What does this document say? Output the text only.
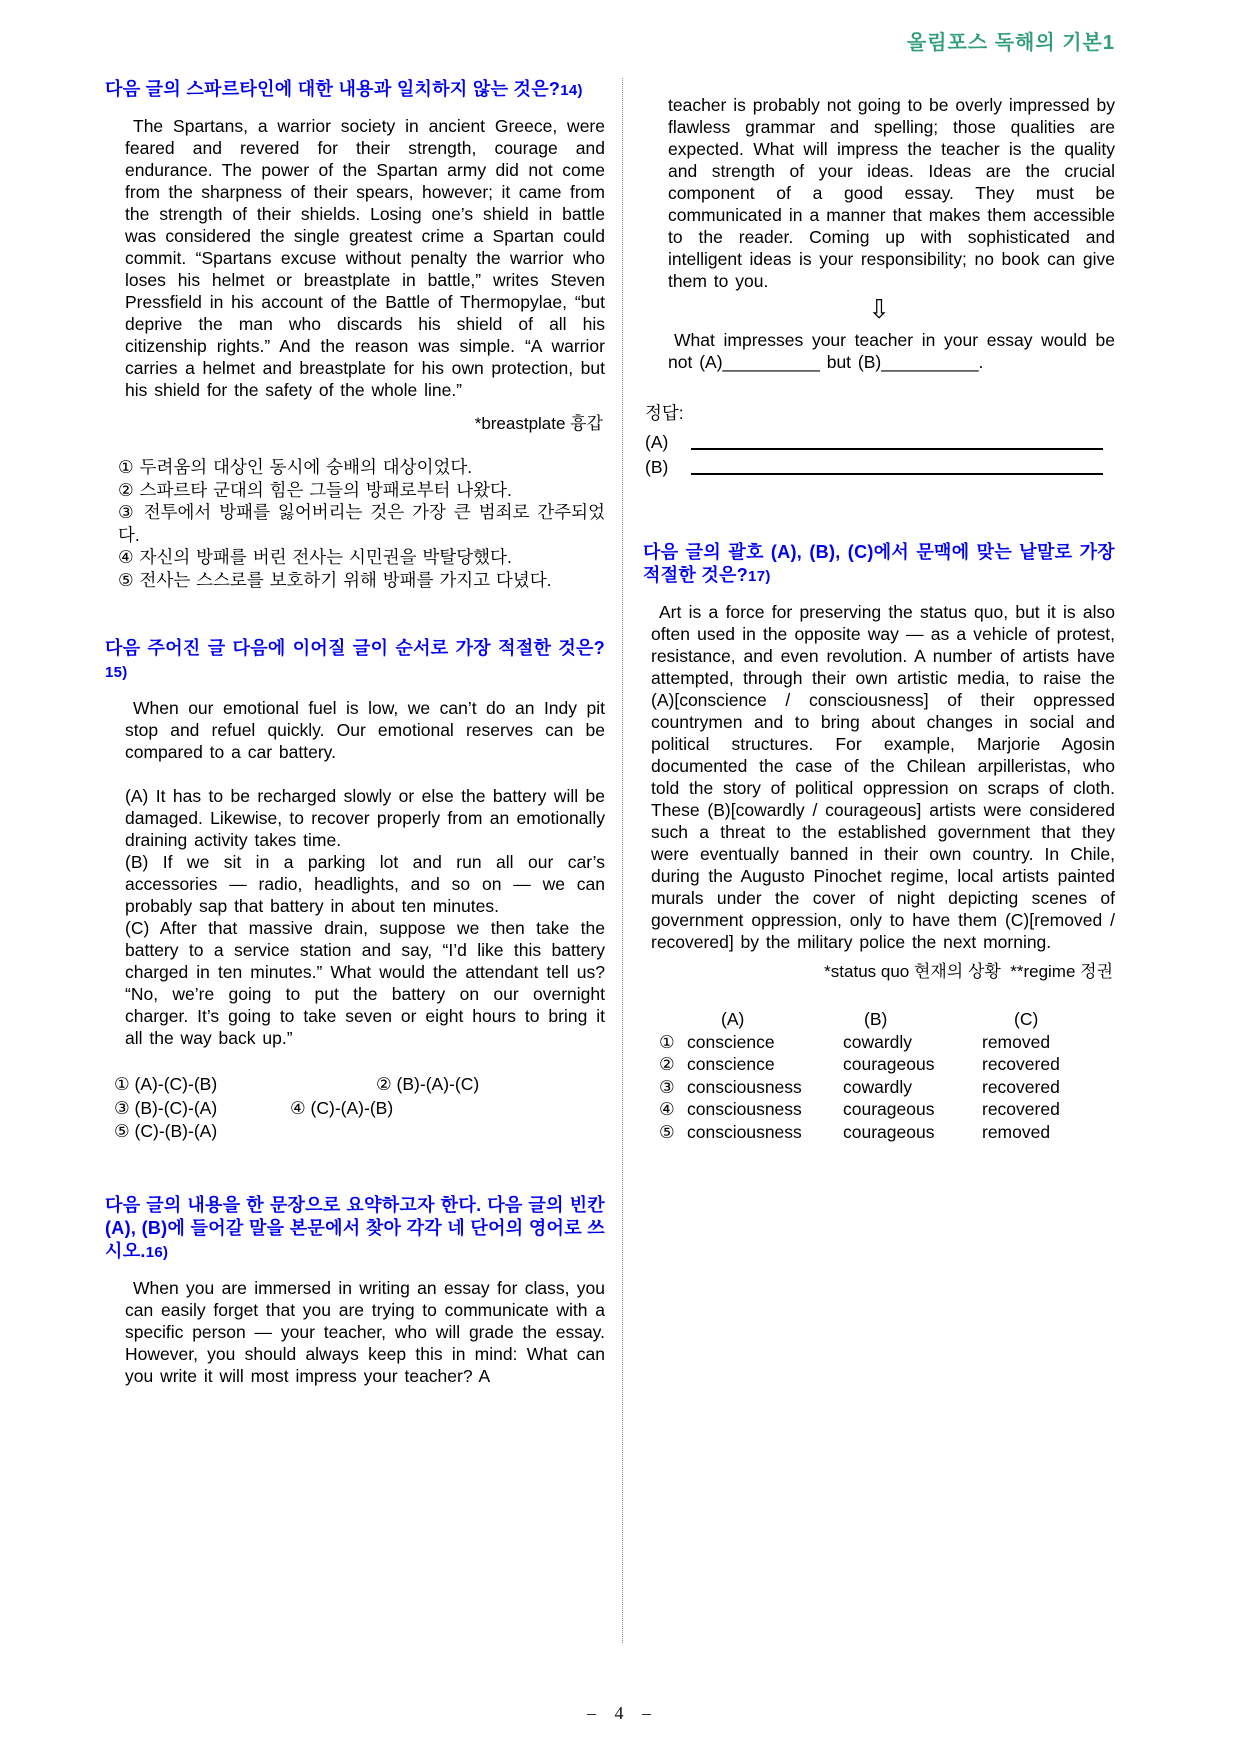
올림포스 독해의 기본1
다음 글의 스파르타인에 대한 내용과 일치하지 않는 것은?14)

The Spartans, a warrior society in ancient Greece, were feared and revered for their strength, courage and endurance. The power of the Spartan army did not come from the sharpness of their spears, however; it came from the strength of their shields. Losing one’s shield in battle was considered the single greatest crime a Spartan could commit. “Spartans excuse without penalty the warrior who loses his helmet or breastplate in battle,” writes Steven Pressfield in his account of the Battle of Thermopylae, “but deprive the man who discards his shield of all his citizenship rights.” And the reason was simple. “A warrior carries a helmet and breastplate for his own protection, but his shield for the safety of the whole line.”

*breastplate 흉갑

① 두려움의 대상인 동시에 숭배의 대상이었다.

② 스파르타 군대의 힘은 그들의 방패로부터 나왔다.

③ 전투에서 방패를 잃어버리는 것은 가장 큰 범죄로 간주되었다.

④ 자신의 방패를 버린 전사는 시민권을 박탈당했다.

⑤ 전사는 스스로를 보호하기 위해 방패를 가지고 다녔다.

다음 주어진 글 다음에 이어질 글이 순서로 가장 적절한 것은?15)

When our emotional fuel is low, we can’t do an Indy pit stop and refuel quickly. Our emotional reserves can be compared to a car battery.

(A) It has to be recharged slowly or else the battery will be damaged. Likewise, to recover properly from an emotionally draining activity takes time.

(B) If we sit in a parking lot and run all our car’s accessories — radio, headlights, and so on — we can probably sap that battery in about ten minutes.

(C) After that massive drain, suppose we then take the battery to a service station and say, “I’d like this battery charged in ten minutes.” What would the attendant tell us? “No, we’re going to put the battery on our overnight charger. It’s going to take seven or eight hours to bring it all the way back up.”

① (A)-(C)-(B)	② (B)-(A)-(C)
③ (B)-(C)-(A)	④ (C)-(A)-(B)
⑤ (C)-(B)-(A)
다음 글의 내용을 한 문장으로 요약하고자 한다. 다음 글의 빈칸 (A), (B)에 들어갈 말을 본문에서 찾아 각각 네 단어의 영어로 쓰시오.16)

When you are immersed in writing an essay for class, you can easily forget that you are trying to communicate with a specific person — your teacher, who will grade the essay. However, you should always keep this in mind: What can you write it will most impress your teacher? A

teacher is probably not going to be overly impressed by flawless grammar and spelling; those qualities are expected. What will impress the teacher is the quality and strength of your ideas. Ideas are the crucial component of a good essay. They must be communicated in a manner that makes them accessible to the reader. Coming up with sophisticated and intelligent ideas is your responsibility; no book can give them to you.

⇩

What impresses your teacher in your essay would be not (A)__________ but (B)__________.

정답:

(A)
(B)
다음 글의 괄호 (A), (B), (C)에서 문맥에 맞는 낱말로 가장 적절한 것은?17)

Art is a force for preserving the status quo, but it is also often used in the opposite way — as a vehicle of protest, resistance, and even revolution. A number of artists have attempted, through their own artistic media, to raise the (A)[conscience / consciousness] of their oppressed countrymen and to bring about changes in social and political structures. For example, Marjorie Agosin documented the case of the Chilean arpilleristas, who told the story of political oppression on scraps of cloth. These (B)[cowardly / courageous] artists were considered such a threat to the established government that they were eventually banned in their own country. In Chile, during the Augusto Pinochet regime, local artists painted murals under the cover of night depicting scenes of government oppression, only to have them (C)[removed / recovered] by the military police the next morning.

*status quo 현재의 상황  **regime 정권

(A)	(B)	(C)
① conscience	cowardly	removed
② conscience	courageous	recovered
③ consciousness	cowardly	recovered
④ consciousness	courageous	recovered
⑤ consciousness	courageous	removed
– 4 –
